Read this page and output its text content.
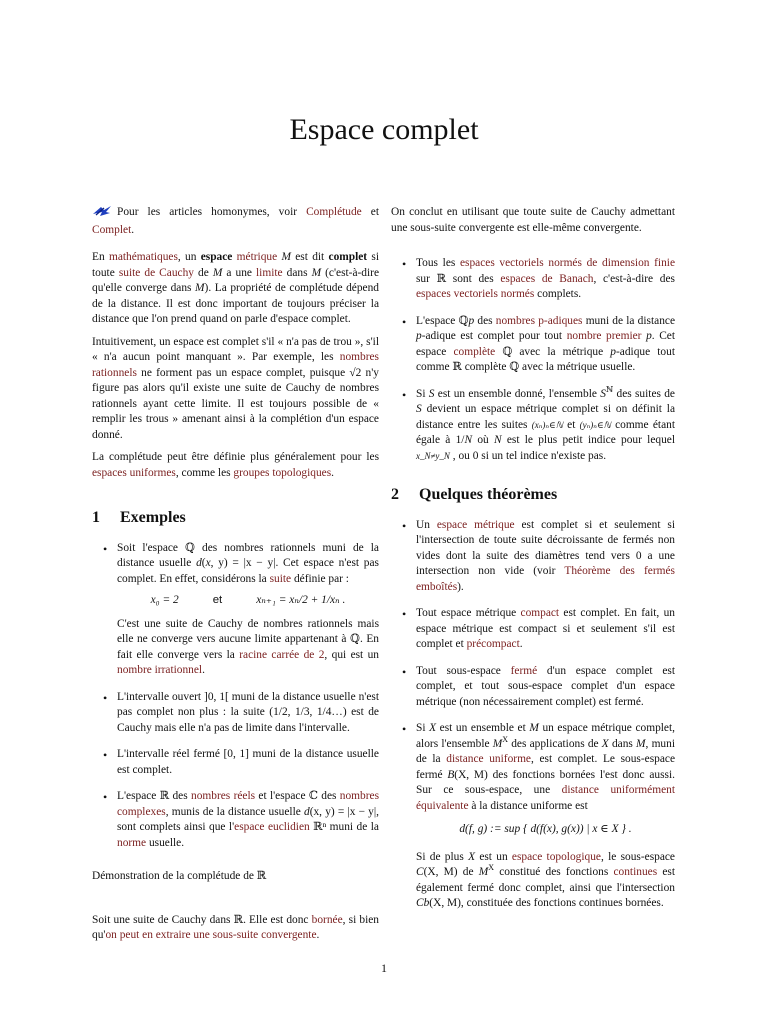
Espace complet

Pour les articles homonymes, voir Complétude et Complet.

En mathématiques, un espace métrique M est dit complet si toute suite de Cauchy de M a une limite dans M (c'est-à-dire qu'elle converge dans M). La propriété de complétude dépend de la distance. Il est donc important de toujours préciser la distance que l'on prend quand on parle d'espace complet.

Intuitivement, un espace est complet s'il « n'a pas de trou », s'il « n'a aucun point manquant ». Par exemple, les nombres rationnels ne forment pas un espace complet, puisque √2 n'y figure pas alors qu'il existe une suite de Cauchy de nombres rationnels ayant cette limite. Il est toujours possible de « remplir les trous » amenant ainsi à la complétion d'un espace donné.

La complétude peut être définie plus généralement pour les espaces uniformes, comme les groupes topologiques.

1 Exemples
• Soit l'espace ℚ des nombres rationnels muni de la distance usuelle d(x, y) = |x − y|. Cet espace n'est pas complet. En effet, considérons la suite définie par :
x₀ = 2	et	xₙ₊₁ = xₙ/2 + 1/xₙ .
C'est une suite de Cauchy de nombres rationnels mais elle ne converge vers aucune limite appartenant à ℚ. En fait elle converge vers la racine carrée de 2, qui est un nombre irrationnel.
• L'intervalle ouvert ]0, 1[ muni de la distance usuelle n'est pas complet non plus : la suite (1/2, 1/3, 1/4…) est de Cauchy mais elle n'a pas de limite dans l'intervalle.
• L'intervalle réel fermé [0, 1] muni de la distance usuelle est complet.
• L'espace ℝ des nombres réels et l'espace ℂ des nombres complexes, munis de la distance usuelle d(x, y) = |x − y|, sont complets ainsi que l'espace euclidien ℝⁿ muni de la norme usuelle.

Démonstration de la complétude de ℝ

Soit une suite de Cauchy dans ℝ. Elle est donc bornée, si bien qu'on peut en extraire une sous-suite convergente.

On conclut en utilisant que toute suite de Cauchy admettant une sous-suite convergente est elle-même convergente.

• Tous les espaces vectoriels normés de dimension finie sur ℝ sont des espaces de Banach, c'est-à-dire des espaces vectoriels normés complets.
• L'espace ℚp des nombres p-adiques muni de la distance p-adique est complet pour tout nombre premier p. Cet espace complète ℚ avec la métrique p-adique tout comme ℝ complète ℚ avec la métrique usuelle.
• Si S est un ensemble donné, l'ensemble $S^ℕ$ des suites de S devient un espace métrique complet si on définit la distance entre les suites (xₙ)ₙ∈ℕ et (yₙ)ₙ∈ℕ comme étant égale à 1/N où N est le plus petit indice pour lequel x_N≠y_N , ou 0 si un tel indice n'existe pas.
2 Quelques théorèmes
• Un espace métrique est complet si et seulement si l'intersection de toute suite décroissante de fermés non vides dont la suite des diamètres tend vers 0 a une intersection non vide (voir Théorème des fermés emboîtés).
• Tout espace métrique compact est complet. En fait, un espace métrique est compact si et seulement s'il est complet et précompact.
• Tout sous-espace fermé d'un espace complet est complet, et tout sous-espace complet d'un espace métrique (non nécessairement complet) est fermé.
• Si X est un ensemble et M un espace métrique complet, alors l'ensemble $M^X$ des applications de X dans M, muni de la distance uniforme, est complet. Le sous-espace fermé B(X, M) des fonctions bornées l'est donc aussi. Sur ce sous-espace, une distance uniformément équivalente à la distance uniforme est
d(f, g) := sup { d(f(x), g(x)) | x ∈ X } .
Si de plus X est un espace topologique, le sous-espace C(X, M) de $M^X$ constitué des fonctions continues est également fermé donc complet, ainsi que l'intersection Cb(X, M), constituée des fonctions continues bornées.
1
